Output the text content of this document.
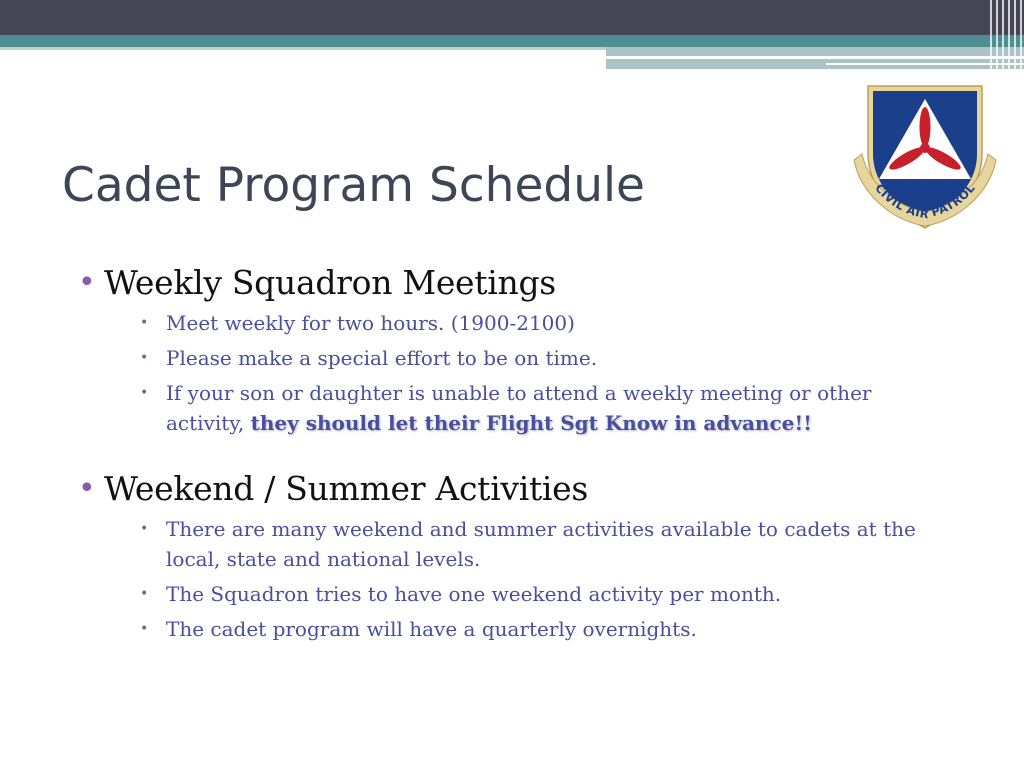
Cadet Program Schedule	CIVIL AIR PATROL
• Weekly Squadron Meetings
• Meet weekly for two hours. (1900-2100)
• Please make a special effort to be on time.
• If your son or daughter is unable to attend a weekly meeting or other activity, they should let their Flight Sgt Know in advance!!
• Weekend / Summer Activities
• There are many weekend and summer activities available to cadets at the local, state and national levels.
• The Squadron tries to have one weekend activity per month.
• The cadet program will have a quarterly overnights.
